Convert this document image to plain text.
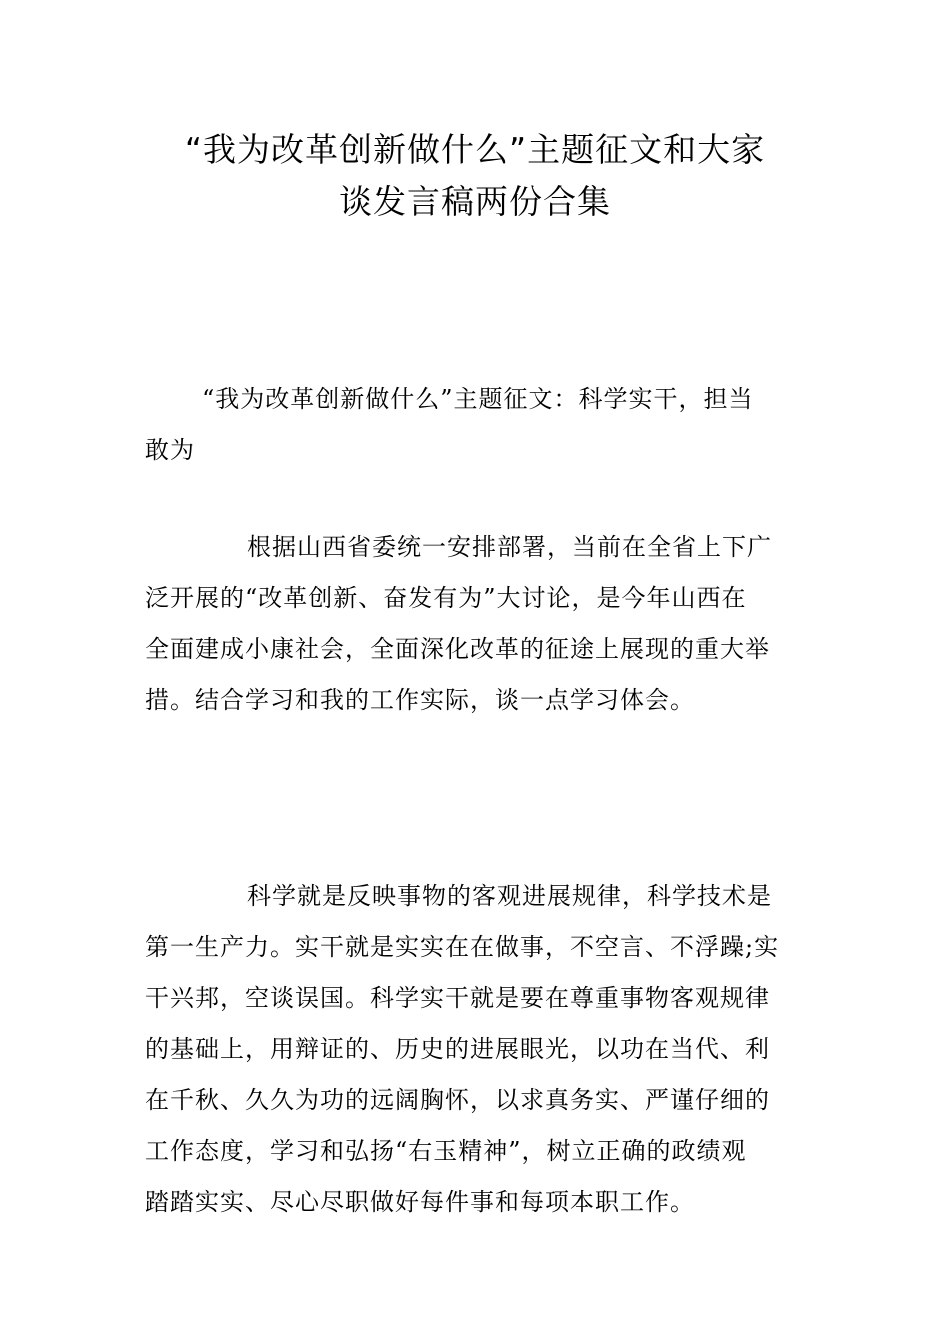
“我为改革创新做什么”主题征文和大家
谈发言稿两份合集
“我为改革创新做什么”主题征文：科学实干，担当
敢为
根据山西省委统一安排部署，当前在全省上下广
泛开展的“改革创新、奋发有为”大讨论，是今年山西在
全面建成小康社会，全面深化改革的征途上展现的重大举
措。结合学习和我的工作实际，谈一点学习体会。
科学就是反映事物的客观进展规律，科学技术是
第一生产力。实干就是实实在在做事，不空言、不浮躁;实
干兴邦，空谈误国。科学实干就是要在尊重事物客观规律
的基础上，用辩证的、历史的进展眼光，以功在当代、利
在千秋、久久为功的远阔胸怀，以求真务实、严谨仔细的
工作态度，学习和弘扬“右玉精神”，树立正确的政绩观
踏踏实实、尽心尽职做好每件事和每项本职工作。
